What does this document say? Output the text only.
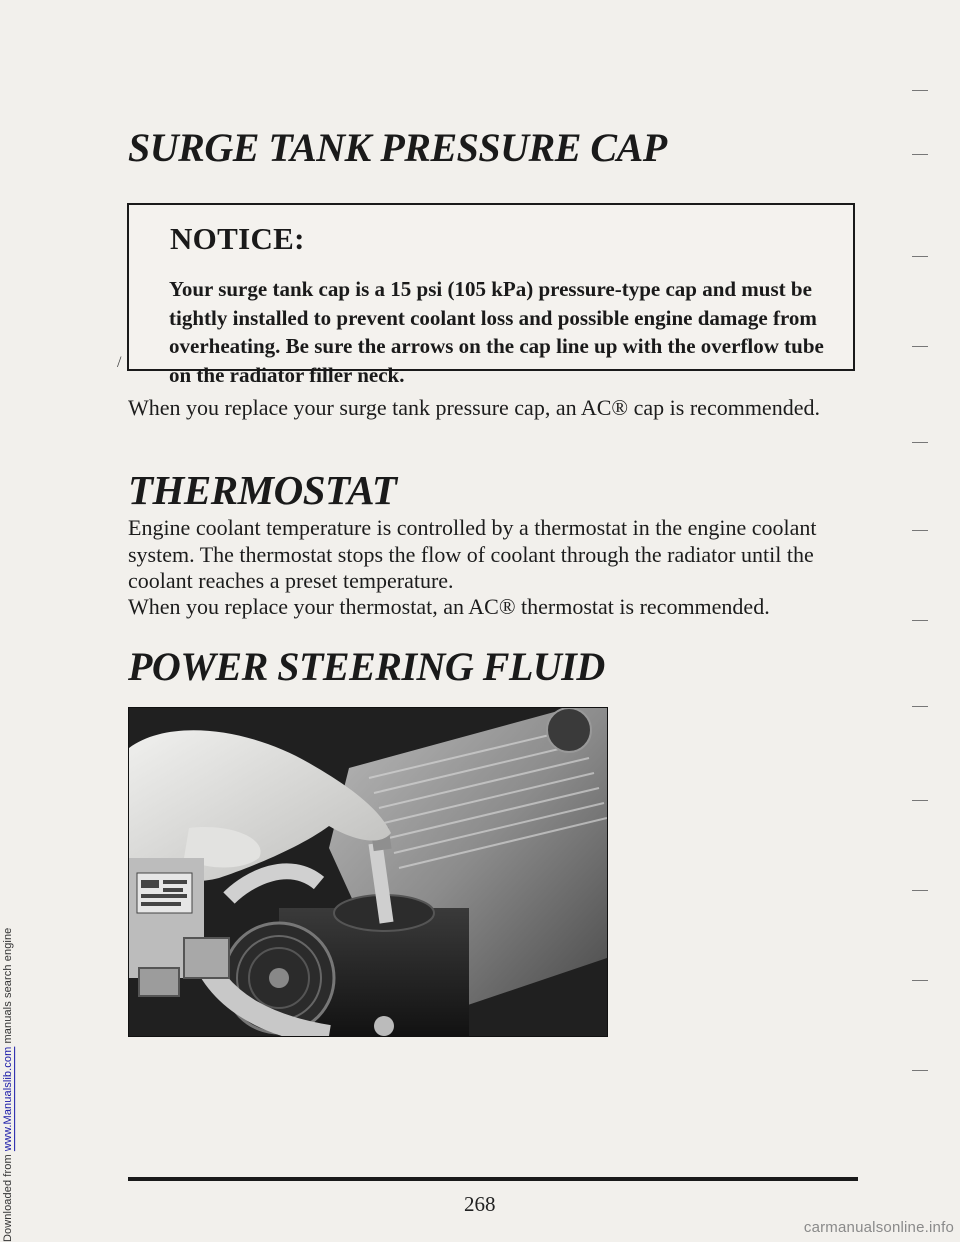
Downloaded from www.Manualslib.com manuals search engine
SURGE TANK PRESSURE CAP

NOTICE:

Your surge tank cap is a 15 psi (105 kPa) pressure-type cap and must be tightly installed to prevent coolant loss and possible engine damage from overheating. Be sure the arrows on the cap line up with the overflow tube on the radiator filler neck.

/

When you replace your surge tank pressure cap, an AC® cap is recommended.

THERMOSTAT

Engine coolant temperature is controlled by a thermostat in the engine coolant system. The thermostat stops the flow of coolant through the radiator until the coolant reaches a preset temperature.

When you replace your thermostat, an AC® thermostat is recommended.

POWER STEERING FLUID
268
carmanualsonline.info
